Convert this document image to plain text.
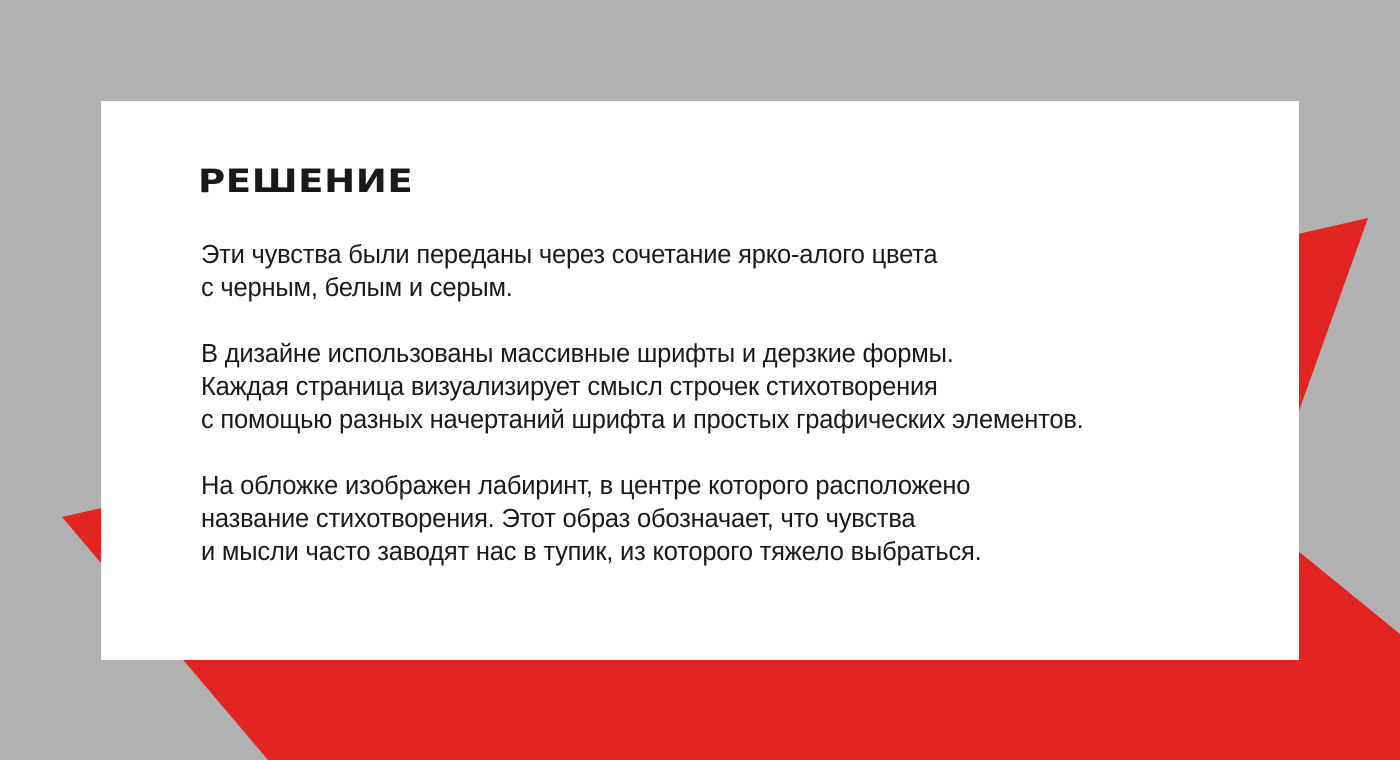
РЕШЕНИЕ

Эти чувства были переданы через сочетание ярко-алого цвета
с черным, белым и серым.

В дизайне использованы массивные шрифты и дерзкие формы.
Каждая страница визуализирует смысл строчек стихотворения
с помощью разных начертаний шрифта и простых графических элементов.

На обложке изображен лабиринт, в центре которого расположено
название стихотворения. Этот образ обозначает, что чувства
и мысли часто заводят нас в тупик, из которого тяжело выбраться.
